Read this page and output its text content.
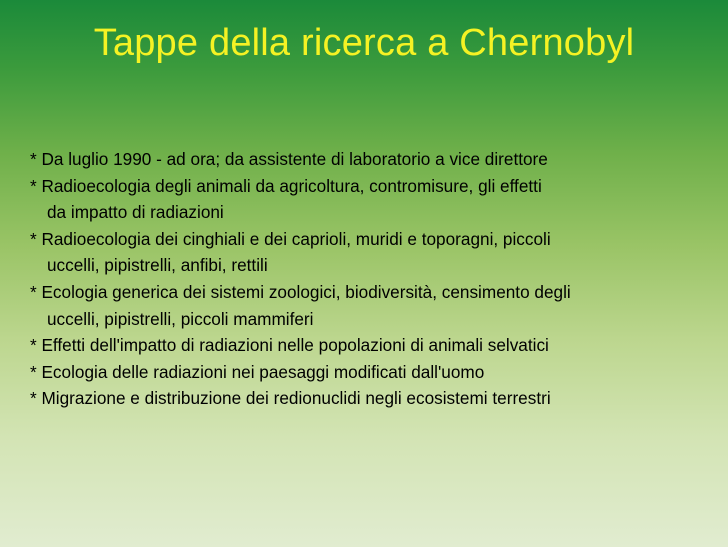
Tappe della ricerca a Chernobyl
* Da luglio 1990 - ad ora; da assistente di laboratorio a vice direttore
* Radioecologia degli animali da agricoltura, contromisure, gli effetti
da impatto di radiazioni
* Radioecologia dei cinghiali e dei caprioli, muridi e toporagni, piccoli
uccelli, pipistrelli, anfibi, rettili
* Ecologia generica dei sistemi zoologici, biodiversità, censimento degli
uccelli, pipistrelli, piccoli mammiferi
* Effetti dell'impatto di radiazioni nelle popolazioni di animali selvatici
* Ecologia delle radiazioni nei paesaggi modificati dall'uomo
* Migrazione e distribuzione dei redionuclidi negli ecosistemi terrestri
